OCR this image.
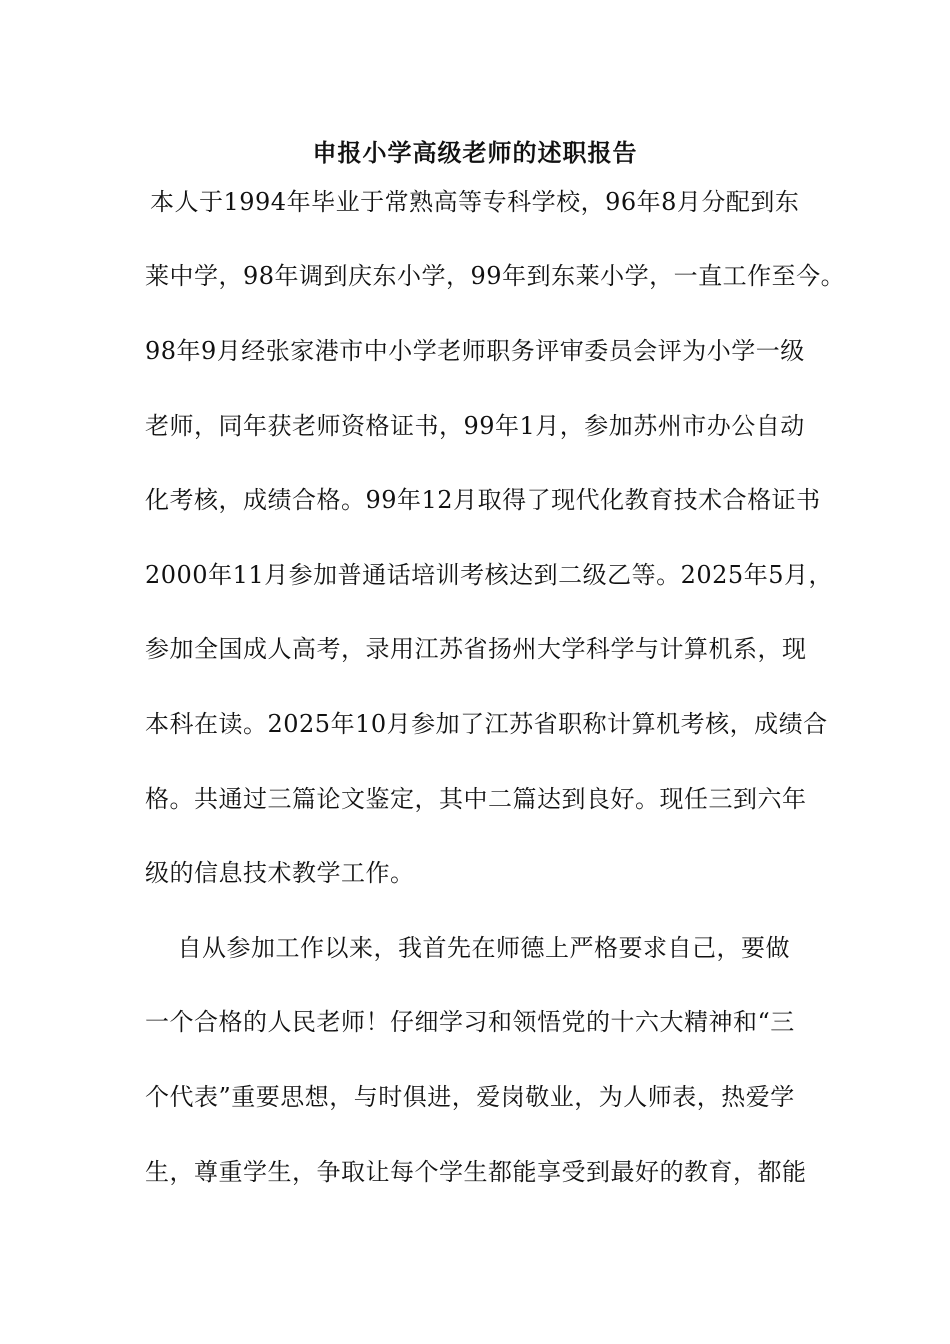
申报小学高级老师的述职报告
本人于1994年毕业于常熟高等专科学校，96年8月分配到东
莱中学，98年调到庆东小学，99年到东莱小学，一直工作至今。
98年9月经张家港市中小学老师职务评审委员会评为小学一级
老师，同年获老师资格证书，99年1月，参加苏州市办公自动
化考核，成绩合格。99年12月取得了现代化教育技术合格证书
2000年11月参加普通话培训考核达到二级乙等。2025年5月，
参加全国成人高考，录用江苏省扬州大学科学与计算机系，现
本科在读。2025年10月参加了江苏省职称计算机考核，成绩合
格。共通过三篇论文鉴定，其中二篇达到良好。现任三到六年
级的信息技术教学工作。
自从参加工作以来，我首先在师德上严格要求自己，要做
一个合格的人民老师！仔细学习和领悟党的十六大精神和“三
个代表”重要思想，与时俱进，爱岗敬业，为人师表，热爱学
生，尊重学生，争取让每个学生都能享受到最好的教育，都能
